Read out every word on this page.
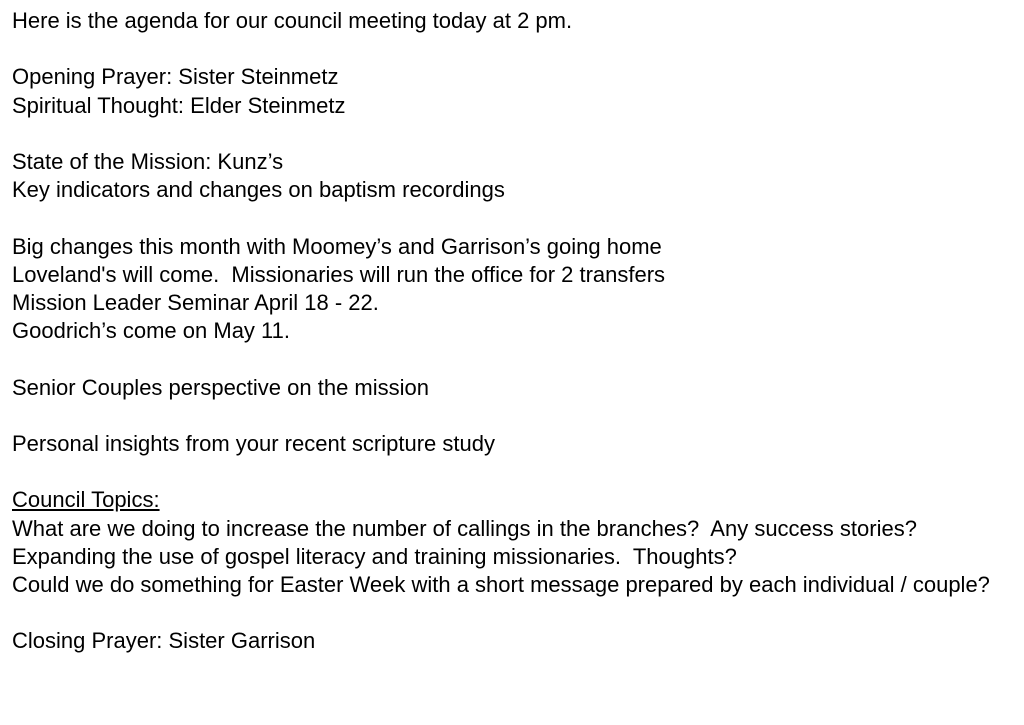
Here is the agenda for our council meeting today at 2 pm.
Opening Prayer: Sister Steinmetz
Spiritual Thought: Elder Steinmetz
State of the Mission: Kunz’s
Key indicators and changes on baptism recordings
Big changes this month with Moomey’s and Garrison’s going home
Loveland's will come.  Missionaries will run the office for 2 transfers
Mission Leader Seminar April 18 - 22.
Goodrich’s come on May 11.
Senior Couples perspective on the mission
Personal insights from your recent scripture study
Council Topics:
What are we doing to increase the number of callings in the branches?  Any success stories?
Expanding the use of gospel literacy and training missionaries.  Thoughts?
Could we do something for Easter Week with a short message prepared by each individual / couple?
Closing Prayer: Sister Garrison
